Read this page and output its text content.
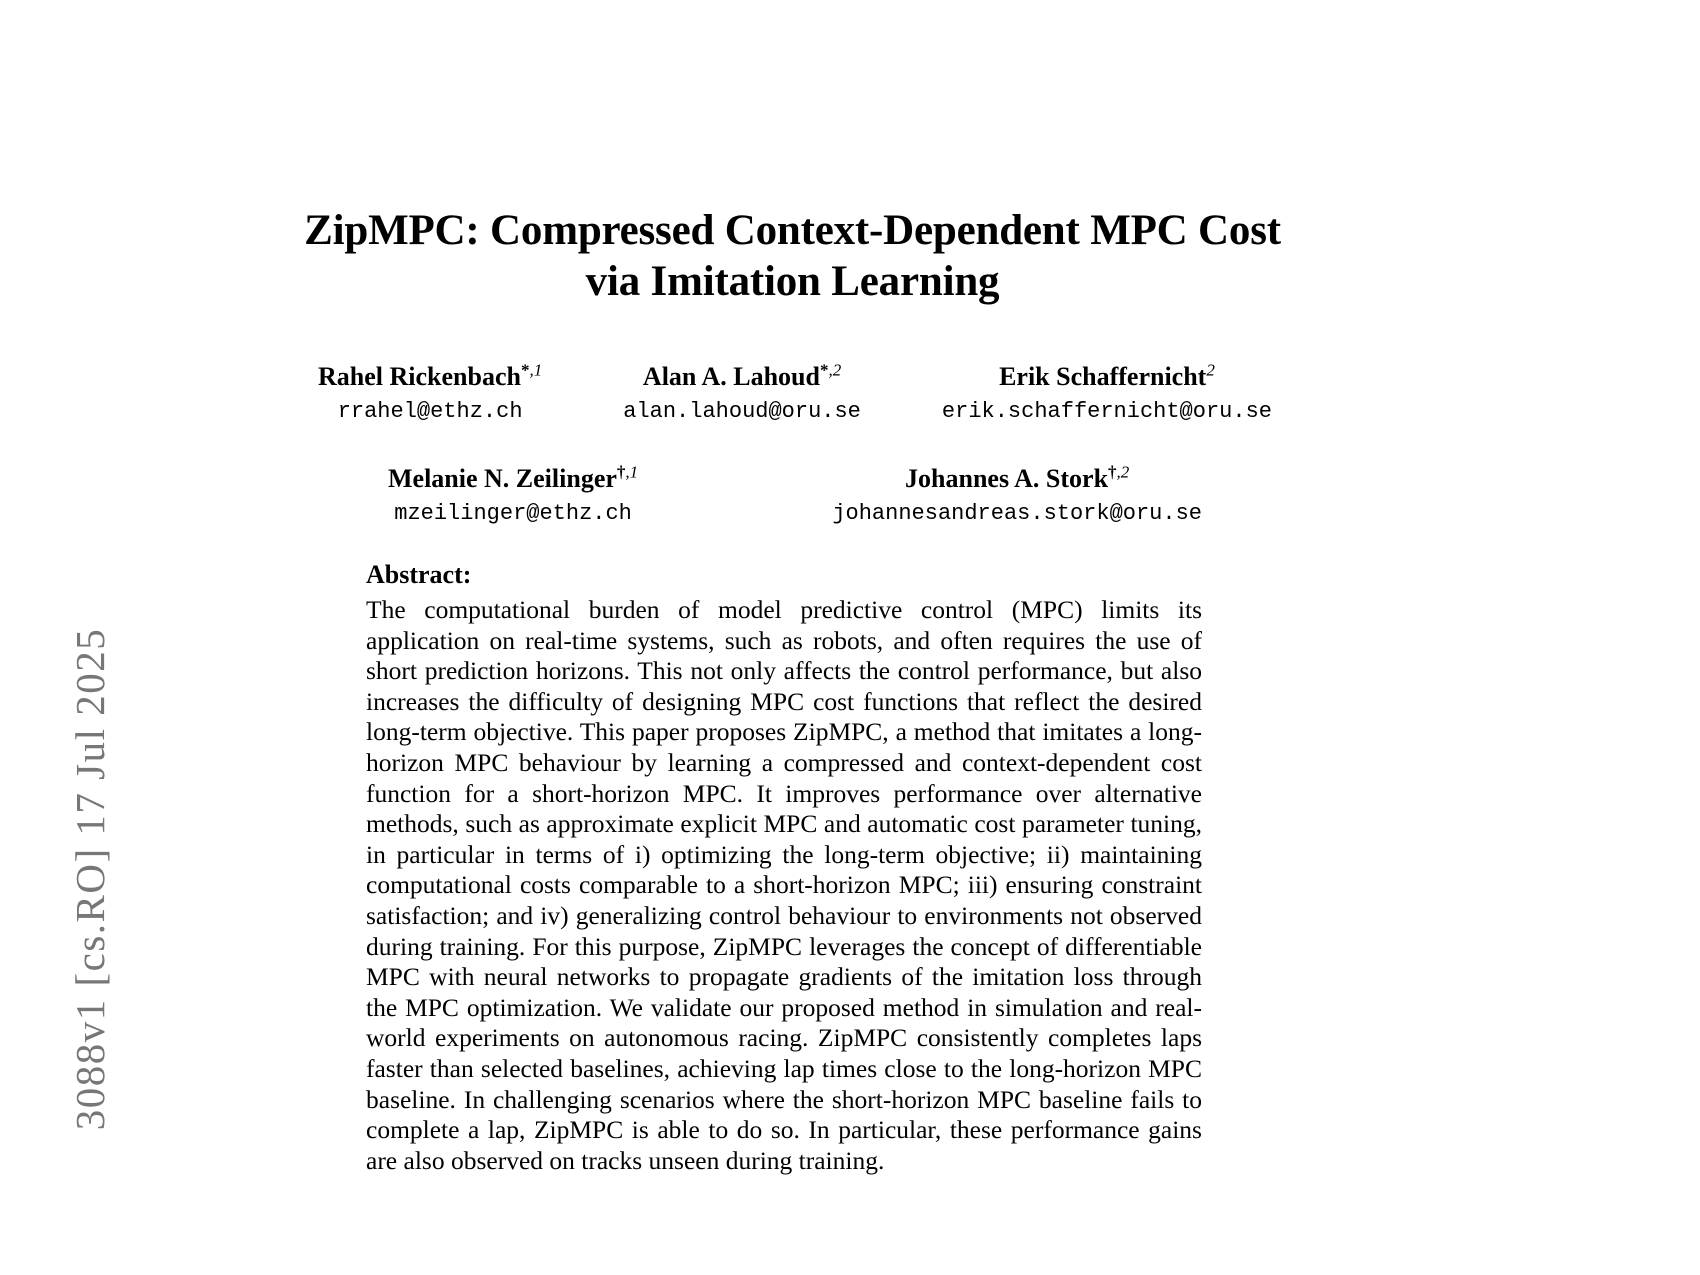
3088v1 [cs.RO] 17 Jul 2025
ZipMPC: Compressed Context-Dependent MPC Cost
via Imitation Learning
Rahel Rickenbach$^{*,1}$
rrahel@ethz.ch
Alan A. Lahoud$^{*,2}$
alan.lahoud@oru.se
Erik Schaffernicht$^2$
erik.schaffernicht@oru.se
Melanie N. Zeilinger$^{\dagger,1}$
mzeilinger@ethz.ch
Johannes A. Stork$^{\dagger,2}$
johannesandreas.stork@oru.se
Abstract:
The computational burden of model predictive control (MPC) limits its application on real-time systems, such as robots, and often requires the use of short prediction horizons. This not only affects the control performance, but also increases the difficulty of designing MPC cost functions that reflect the desired long-term objective. This paper proposes ZipMPC, a method that imitates a long-horizon MPC behaviour by learning a compressed and context-dependent cost function for a short-horizon MPC. It improves performance over alternative methods, such as approximate explicit MPC and automatic cost parameter tuning, in particular in terms of i) optimizing the long-term objective; ii) maintaining computational costs comparable to a short-horizon MPC; iii) ensuring constraint satisfaction; and iv) generalizing control behaviour to environments not observed during training. For this purpose, ZipMPC leverages the concept of differentiable MPC with neural networks to propagate gradients of the imitation loss through the MPC optimization. We validate our proposed method in simulation and real-world experiments on autonomous racing. ZipMPC consistently completes laps faster than selected baselines, achieving lap times close to the long-horizon MPC baseline. In challenging scenarios where the short-horizon MPC baseline fails to complete a lap, ZipMPC is able to do so. In particular, these performance gains are also observed on tracks unseen during training.
